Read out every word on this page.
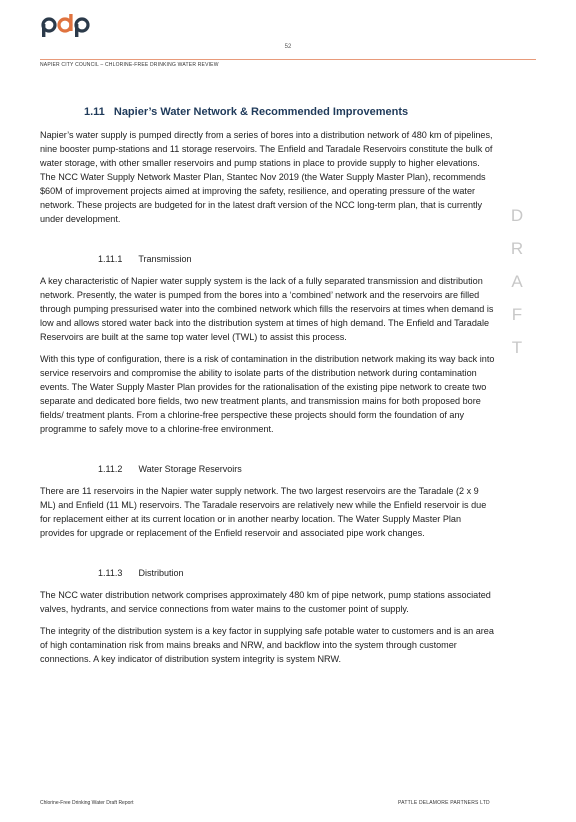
52
NAPIER CITY COUNCIL – CHLORINE-FREE DRINKING WATER REVIEW
1.11 Napier’s Water Network & Recommended Improvements

Napier’s water supply is pumped directly from a series of bores into a distribution network of 480 km of pipelines, nine booster pump-stations and 11 storage reservoirs. The Enfield and Taradale Reservoirs constitute the bulk of water storage, with other smaller reservoirs and pump stations in place to provide supply to higher elevations. The NCC Water Supply Network Master Plan, Stantec Nov 2019 (the Water Supply Master Plan), recommends $60M of improvement projects aimed at improving the safety, resilience, and operating pressure of the water network. These projects are budgeted for in the latest draft version of the NCC long-term plan, that is currently under development.

1.11.1 Transmission

A key characteristic of Napier water supply system is the lack of a fully separated transmission and distribution network. Presently, the water is pumped from the bores into a ‘combined’ network and the reservoirs are filled through pumping pressurised water into the combined network which fills the reservoirs at times when demand is low and allows stored water back into the distribution system at times of high demand. The Enfield and Taradale Reservoirs are built at the same top water level (TWL) to assist this process.

With this type of configuration, there is a risk of contamination in the distribution network making its way back into service reservoirs and compromise the ability to isolate parts of the distribution network during contamination events. The Water Supply Master Plan provides for the rationalisation of the existing pipe network to create two separate and dedicated bore fields, two new treatment plants, and transmission mains for both proposed bore fields/ treatment plants. From a chlorine-free perspective these projects should form the foundation of any programme to safely move to a chlorine-free environment.

1.11.2 Water Storage Reservoirs

There are 11 reservoirs in the Napier water supply network. The two largest reservoirs are the Taradale (2 x 9 ML) and Enfield (11 ML) reservoirs. The Taradale reservoirs are relatively new while the Enfield reservoir is due for replacement either at its current location or in another nearby location. The Water Supply Master Plan provides for upgrade or replacement of the Enfield reservoir and associated pipe work changes.

1.11.3 Distribution

The NCC water distribution network comprises approximately 480 km of pipe network, pump stations associated valves, hydrants, and service connections from water mains to the customer point of supply.

The integrity of the distribution system is a key factor in supplying safe potable water to customers and is an area of high contamination risk from mains breaks and NRW, and backflow into the system through customer connections. A key indicator of distribution system integrity is system NRW.

D
R
A
F
T
Chlorine-Free Drinking Water Draft Report	PATTLE DELAMORE PARTNERS LTD
